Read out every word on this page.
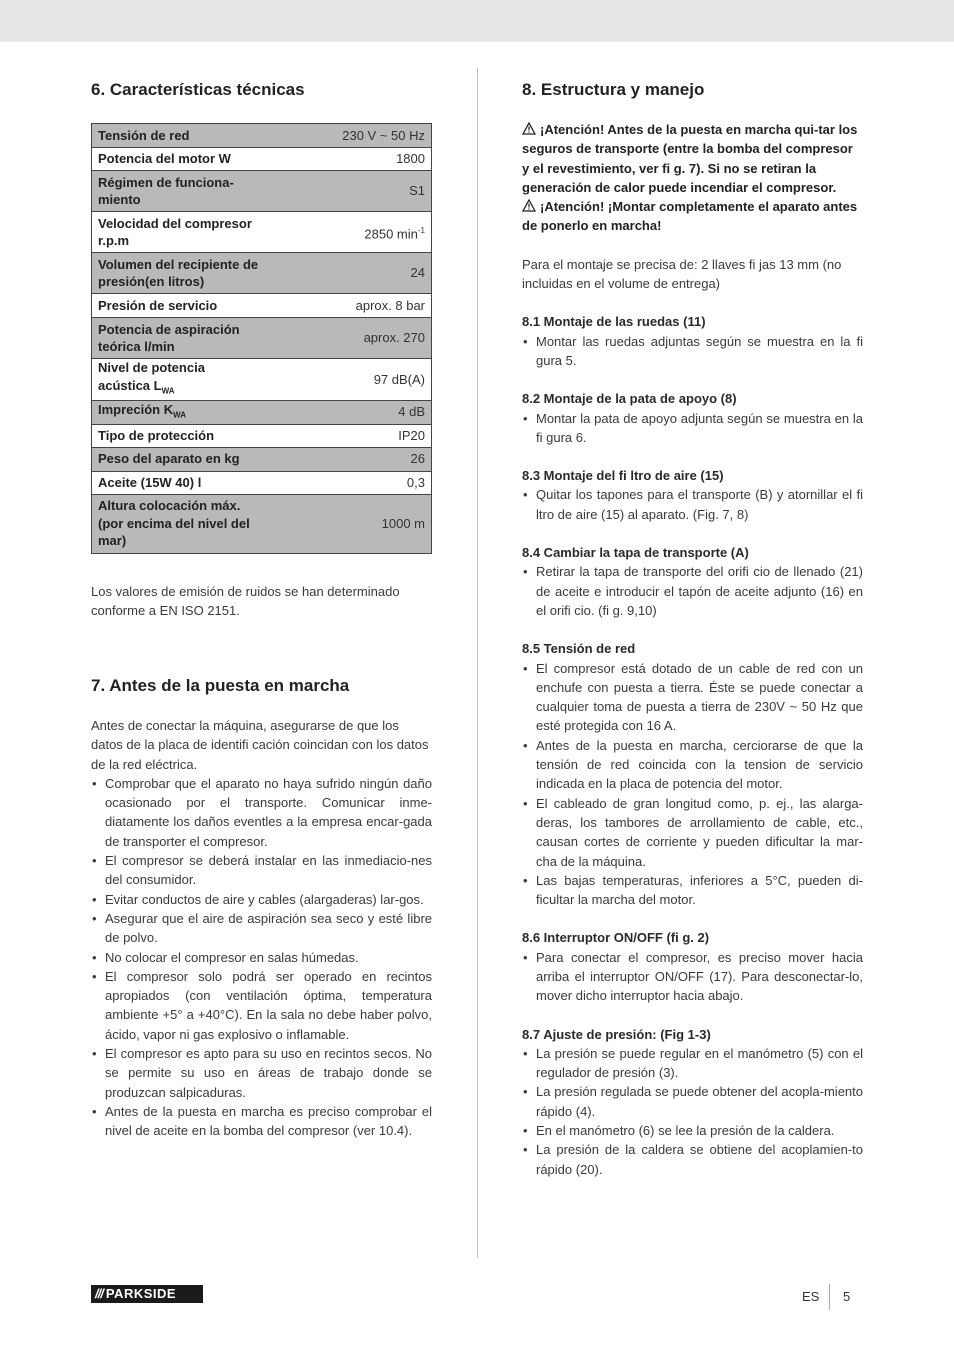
6. Características técnicas
Tensión de red	230 V ~ 50 Hz
Potencia del motor W	1800
Régimen de funciona-
miento	S1
Velocidad del compresor
r.p.m	2850 $\min^{-1}$
Volumen del recipiente de
presión(en litros)	24
Presión de servicio	aprox. 8 bar
Potencia de aspiración
teórica l/min	aprox. 270
Nivel de potencia
acústica $L_{WA}$	97 dB(A)
Impreción $K_{WA}$	4 dB
Tipo de protección	IP20
Peso del aparato en kg	26
Aceite (15W 40) l	0,3
Altura colocación máx.
(por encima del nivel del
mar)	1000 m
Los valores de emisión de ruidos se han determinado conforme a EN ISO 2151.
7. Antes de la puesta en marcha
Antes de conectar la máquina, asegurarse de que los datos de la placa de identifi cación coincidan con los datos de la red eléctrica.
• Comprobar que el aparato no haya sufrido ningún daño ocasionado por el transporte. Comunicar inme-diatamente los daños eventles a la empresa encar-gada de transporter el compresor.
• El compresor se deberá instalar en las inmediacio-nes del consumidor.
• Evitar conductos de aire y cables (alargaderas) lar-gos.
• Asegurar que el aire de aspiración sea seco y esté libre de polvo.
• No colocar el compresor en salas húmedas.
• El compresor solo podrá ser operado en recintos apropiados (con ventilación óptima, temperatura ambiente +5° a +40°C). En la sala no debe haber polvo, ácido, vapor ni gas explosivo o inflamable.
• El compresor es apto para su uso en recintos secos. No se permite su uso en áreas de trabajo donde se produzcan salpicaduras.
• Antes de la puesta en marcha es preciso comprobar el nivel de aceite en la bomba del compresor (ver 10.4).
8. Estructura y manejo
¡Atención! Antes de la puesta en marcha qui-tar los seguros de transporte (entre la bomba del compresor y el revestimiento, ver fi g. 7). Si no se retiran la generación de calor puede incendiar el compresor.
¡Atención! ¡Montar completamente el aparato antes de ponerlo en marcha!
Para el montaje se precisa de: 2 llaves fi jas 13 mm (no incluidas en el volume de entrega)
8.1 Montaje de las ruedas (11)
• Montar las ruedas adjuntas según se muestra en la fi gura 5.
8.2 Montaje de la pata de apoyo (8)
• Montar la pata de apoyo adjunta según se muestra en la fi gura 6.
8.3 Montaje del fi ltro de aire (15)
• Quitar los tapones para el transporte (B) y atornillar el fi ltro de aire (15) al aparato. (Fig. 7, 8)
8.4 Cambiar la tapa de transporte (A)
• Retirar la tapa de transporte del orifi cio de llenado (21) de aceite e introducir el tapón de aceite adjunto (16) en el orifi cio. (fi g. 9,10)
8.5 Tensión de red
• El compresor está dotado de un cable de red con un enchufe con puesta a tierra. Éste se puede conectar a cualquier toma de puesta a tierra de 230V ~ 50 Hz que esté protegida con 16 A.
• Antes de la puesta en marcha, cerciorarse de que la tensión de red coincida con la tension de servicio indicada en la placa de potencia del motor.
• El cableado de gran longitud como, p. ej., las alarga-deras, los tambores de arrollamiento de cable, etc., causan cortes de corriente y pueden dificultar la mar-cha de la máquina.
• Las bajas temperaturas, inferiores a 5°C, pueden di-ficultar la marcha del motor.
8.6 Interruptor ON/OFF (fi g. 2)
• Para conectar el compresor, es preciso mover hacia arriba el interruptor ON/OFF (17). Para desconectar-lo, mover dicho interruptor hacia abajo.
8.7 Ajuste de presión: (Fig 1-3)
• La presión se puede regular en el manómetro (5) con el regulador de presión (3).
• La presión regulada se puede obtener del acopla-miento rápido (4).
• En el manómetro (6) se lee la presión de la caldera.
• La presión de la caldera se obtiene del acoplamien-to rápido (20).
/// PARKSIDE	ES 5
